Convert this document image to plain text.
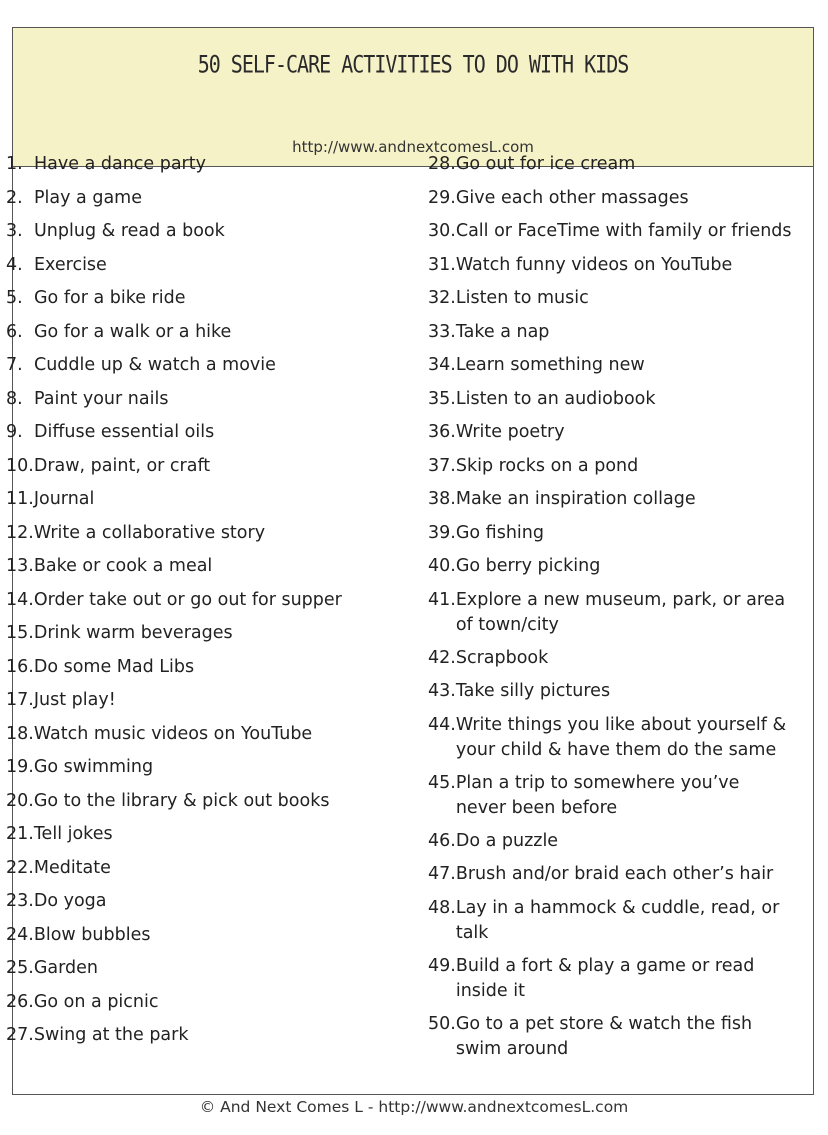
50 SELF-CARE ACTIVITIES TO DO WITH KIDS
http://www.andnextcomesL.com
1. Have a dance party
2. Play a game
3. Unplug & read a book
4. Exercise
5. Go for a bike ride
6. Go for a walk or a hike
7. Cuddle up & watch a movie
8. Paint your nails
9. Diffuse essential oils
10.Draw, paint, or craft
11.Journal
12.Write a collaborative story
13.Bake or cook a meal
14.Order take out or go out for supper
15.Drink warm beverages
16.Do some Mad Libs
17.Just play!
18.Watch music videos on YouTube
19.Go swimming
20.Go to the library & pick out books
21.Tell jokes
22.Meditate
23.Do yoga
24.Blow bubbles
25.Garden
26.Go on a picnic
27.Swing at the park
28.Go out for ice cream
29.Give each other massages
30.Call or FaceTime with family or friends
31.Watch funny videos on YouTube
32.Listen to music
33.Take a nap
34.Learn something new
35.Listen to an audiobook
36.Write poetry
37.Skip rocks on a pond
38.Make an inspiration collage
39.Go fishing
40.Go berry picking
41.Explore a new museum, park, or area
of town/city
42.Scrapbook
43.Take silly pictures
44.Write things you like about yourself &
your child & have them do the same
45.Plan a trip to somewhere you’ve
never been before
46.Do a puzzle
47.Brush and/or braid each other’s hair
48.Lay in a hammock & cuddle, read, or
talk
49.Build a fort & play a game or read
inside it
50.Go to a pet store & watch the fish
swim around
© And Next Comes L - http://www.andnextcomesL.com
